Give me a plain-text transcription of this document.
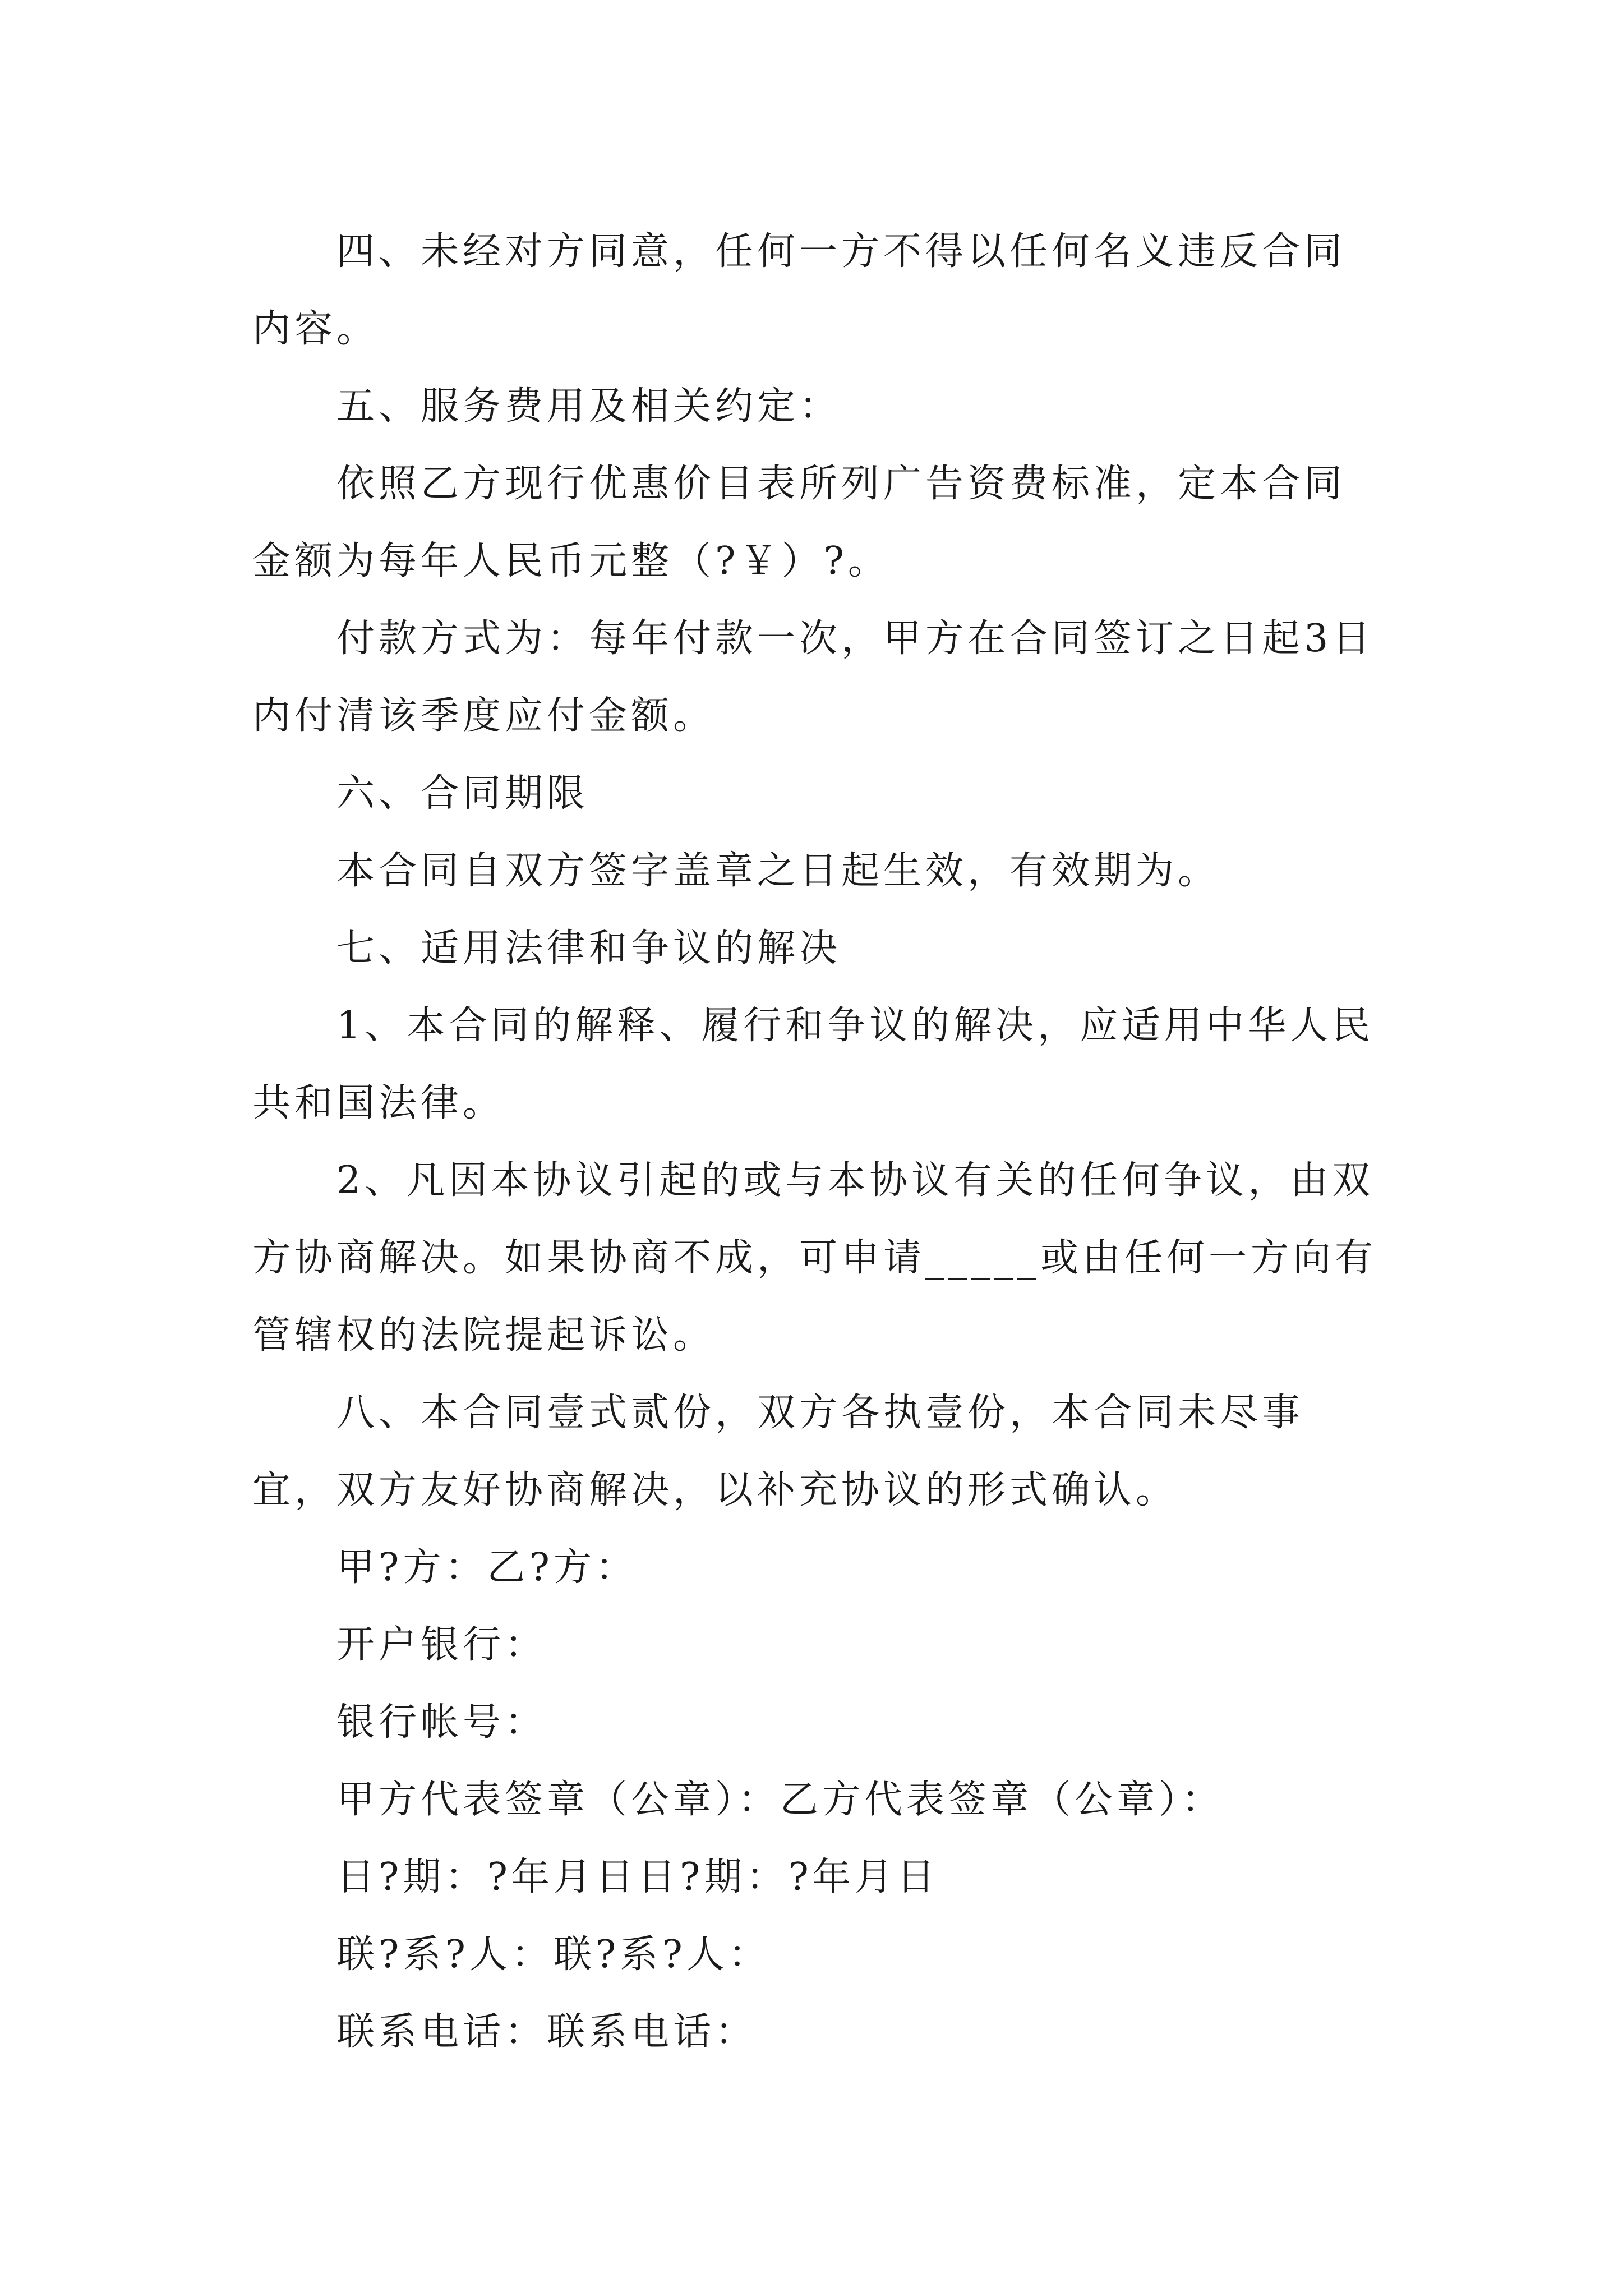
四、未经对方同意，任何一方不得以任何名义违反合同内容。

五、服务费用及相关约定：

依照乙方现行优惠价目表所列广告资费标准，定本合同金额为每年人民币元整（?￥）?。

付款方式为：每年付款一次，甲方在合同签订之日起3日内付清该季度应付金额。

六、合同期限

本合同自双方签字盖章之日起生效，有效期为。

七、适用法律和争议的解决

1、本合同的解释、履行和争议的解决，应适用中华人民共和国法律。

2、凡因本协议引起的或与本协议有关的任何争议，由双方协商解决。如果协商不成，可申请_____或由任何一方向有管辖权的法院提起诉讼。

八、本合同壹式贰份，双方各执壹份，本合同未尽事宜，双方友好协商解决，以补充协议的形式确认。

甲?方：乙?方：

开户银行：

银行帐号：

甲方代表签章（公章）：乙方代表签章（公章）：

日?期：?年月日日?期：?年月日

联?系?人：联?系?人：

联系电话：联系电话：
